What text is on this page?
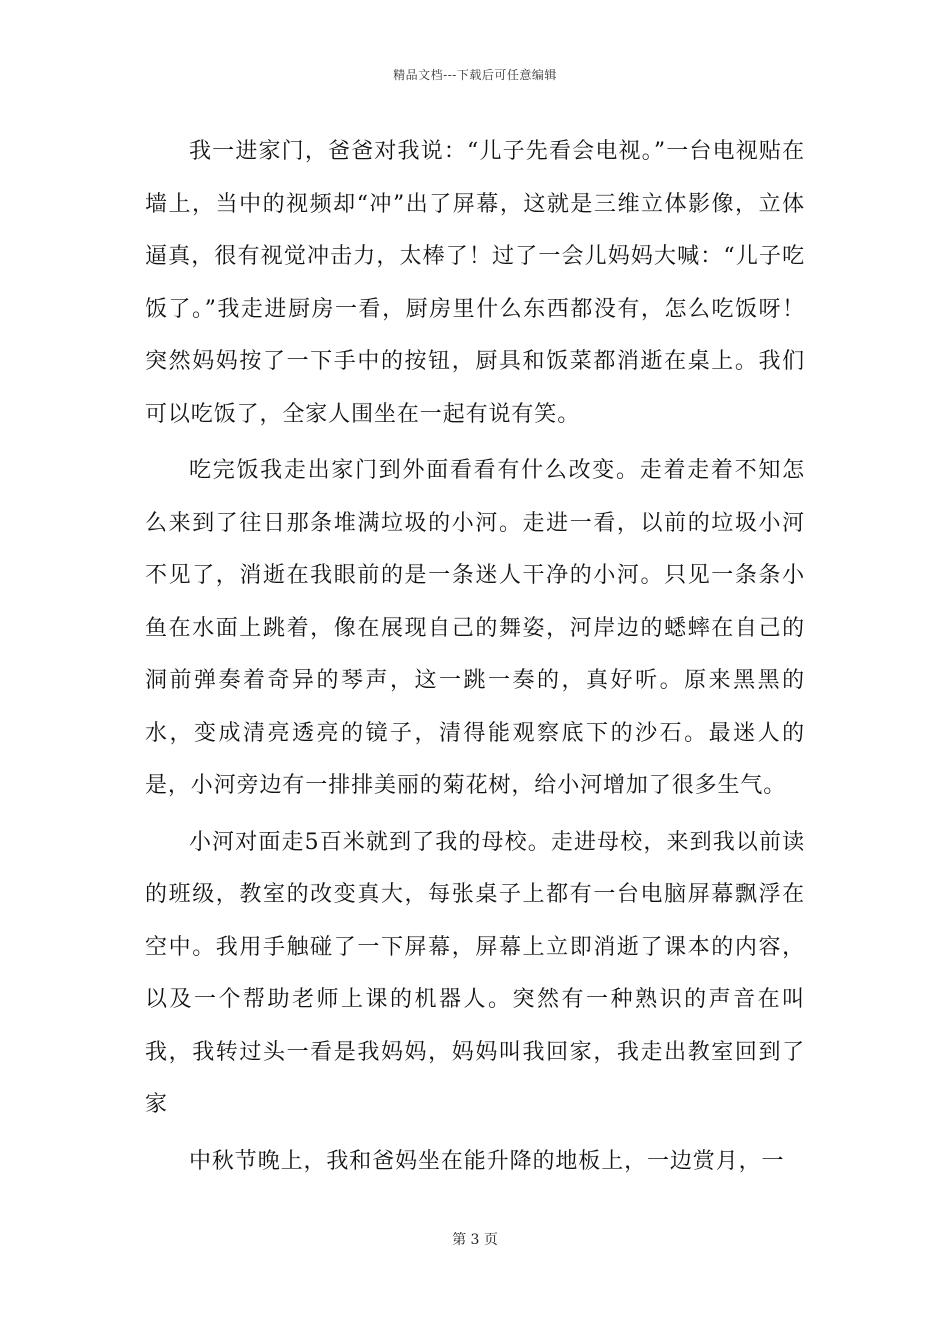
精品文档---下载后可任意编辑

我一进家门，爸爸对我说：“儿子先看会电视。”一台电视贴在墙上，当中的视频却“冲”出了屏幕，这就是三维立体影像，立体逼真，很有视觉冲击力，太棒了！过了一会儿妈妈大喊：“儿子吃饭了。”我走进厨房一看，厨房里什么东西都没有，怎么吃饭呀！突然妈妈按了一下手中的按钮，厨具和饭菜都消逝在桌上。我们可以吃饭了，全家人围坐在一起有说有笑。

吃完饭我走出家门到外面看看有什么改变。走着走着不知怎么来到了往日那条堆满垃圾的小河。走进一看，以前的垃圾小河不见了，消逝在我眼前的是一条迷人干净的小河。只见一条条小鱼在水面上跳着，像在展现自己的舞姿，河岸边的蟋蟀在自己的洞前弹奏着奇异的琴声，这一跳一奏的，真好听。原来黑黑的水，变成清亮透亮的镜子，清得能观察底下的沙石。最迷人的是，小河旁边有一排排美丽的菊花树，给小河增加了很多生气。

小河对面走5百米就到了我的母校。走进母校，来到我以前读的班级，教室的改变真大，每张桌子上都有一台电脑屏幕飘浮在空中。我用手触碰了一下屏幕，屏幕上立即消逝了课本的内容，以及一个帮助老师上课的机器人。突然有一种熟识的声音在叫我，我转过头一看是我妈妈，妈妈叫我回家，我走出教室回到了家

中秋节晚上，我和爸妈坐在能升降的地板上，一边赏月，一

第 3 页
